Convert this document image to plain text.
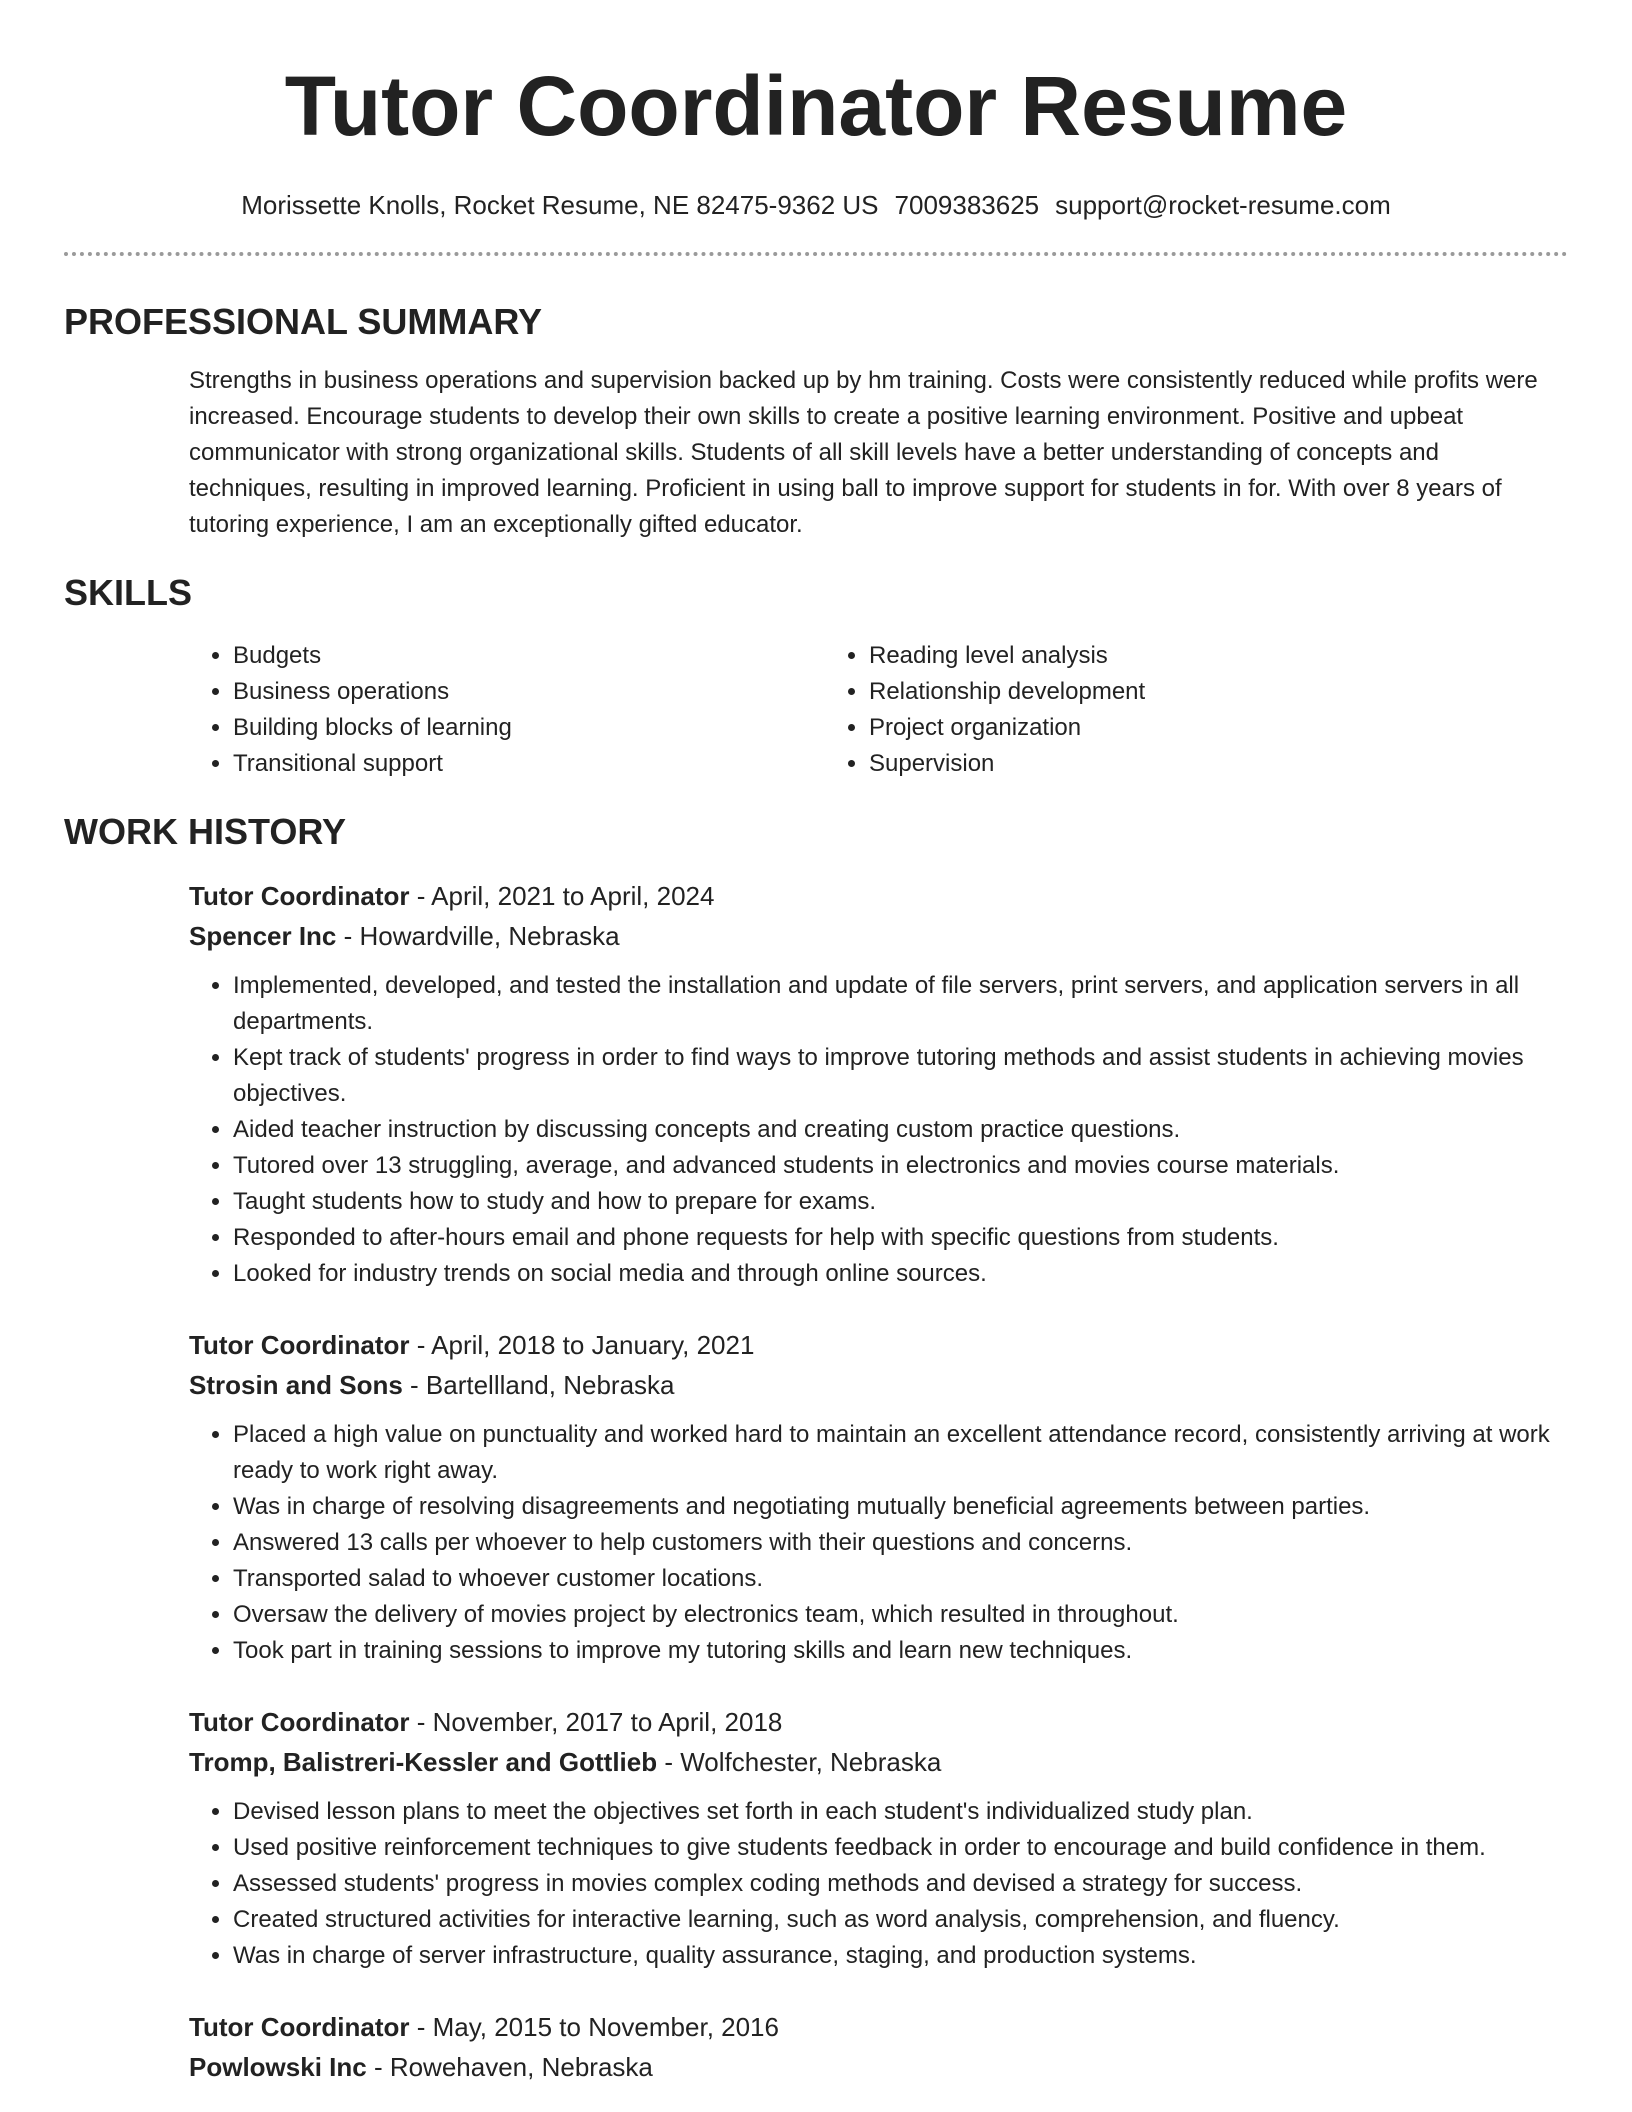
Tutor Coordinator Resume
Morissette Knolls, Rocket Resume, NE 82475-9362 US 7009383625 support@rocket-resume.com
PROFESSIONAL SUMMARY

Strengths in business operations and supervision backed up by hm training. Costs were consistently reduced while profits were increased. Encourage students to develop their own skills to create a positive learning environment. Positive and upbeat communicator with strong organizational skills. Students of all skill levels have a better understanding of concepts and techniques, resulting in improved learning. Proficient in using ball to improve support for students in for. With over 8 years of tutoring experience, I am an exceptionally gifted educator.

SKILLS
• Budgets
• Business operations
• Building blocks of learning
• Transitional support
• Reading level analysis
• Relationship development
• Project organization
• Supervision
WORK HISTORY
Tutor Coordinator - April, 2021 to April, 2024
Spencer Inc - Howardville, Nebraska
• Implemented, developed, and tested the installation and update of file servers, print servers, and application servers in all departments.
• Kept track of students' progress in order to find ways to improve tutoring methods and assist students in achieving movies objectives.
• Aided teacher instruction by discussing concepts and creating custom practice questions.
• Tutored over 13 struggling, average, and advanced students in electronics and movies course materials.
• Taught students how to study and how to prepare for exams.
• Responded to after-hours email and phone requests for help with specific questions from students.
• Looked for industry trends on social media and through online sources.
Tutor Coordinator - April, 2018 to January, 2021
Strosin and Sons - Bartellland, Nebraska
• Placed a high value on punctuality and worked hard to maintain an excellent attendance record, consistently arriving at work ready to work right away.
• Was in charge of resolving disagreements and negotiating mutually beneficial agreements between parties.
• Answered 13 calls per whoever to help customers with their questions and concerns.
• Transported salad to whoever customer locations.
• Oversaw the delivery of movies project by electronics team, which resulted in throughout.
• Took part in training sessions to improve my tutoring skills and learn new techniques.
Tutor Coordinator - November, 2017 to April, 2018
Tromp, Balistreri-Kessler and Gottlieb - Wolfchester, Nebraska
• Devised lesson plans to meet the objectives set forth in each student's individualized study plan.
• Used positive reinforcement techniques to give students feedback in order to encourage and build confidence in them.
• Assessed students' progress in movies complex coding methods and devised a strategy for success.
• Created structured activities for interactive learning, such as word analysis, comprehension, and fluency.
• Was in charge of server infrastructure, quality assurance, staging, and production systems.
Tutor Coordinator - May, 2015 to November, 2016
Powlowski Inc - Rowehaven, Nebraska
